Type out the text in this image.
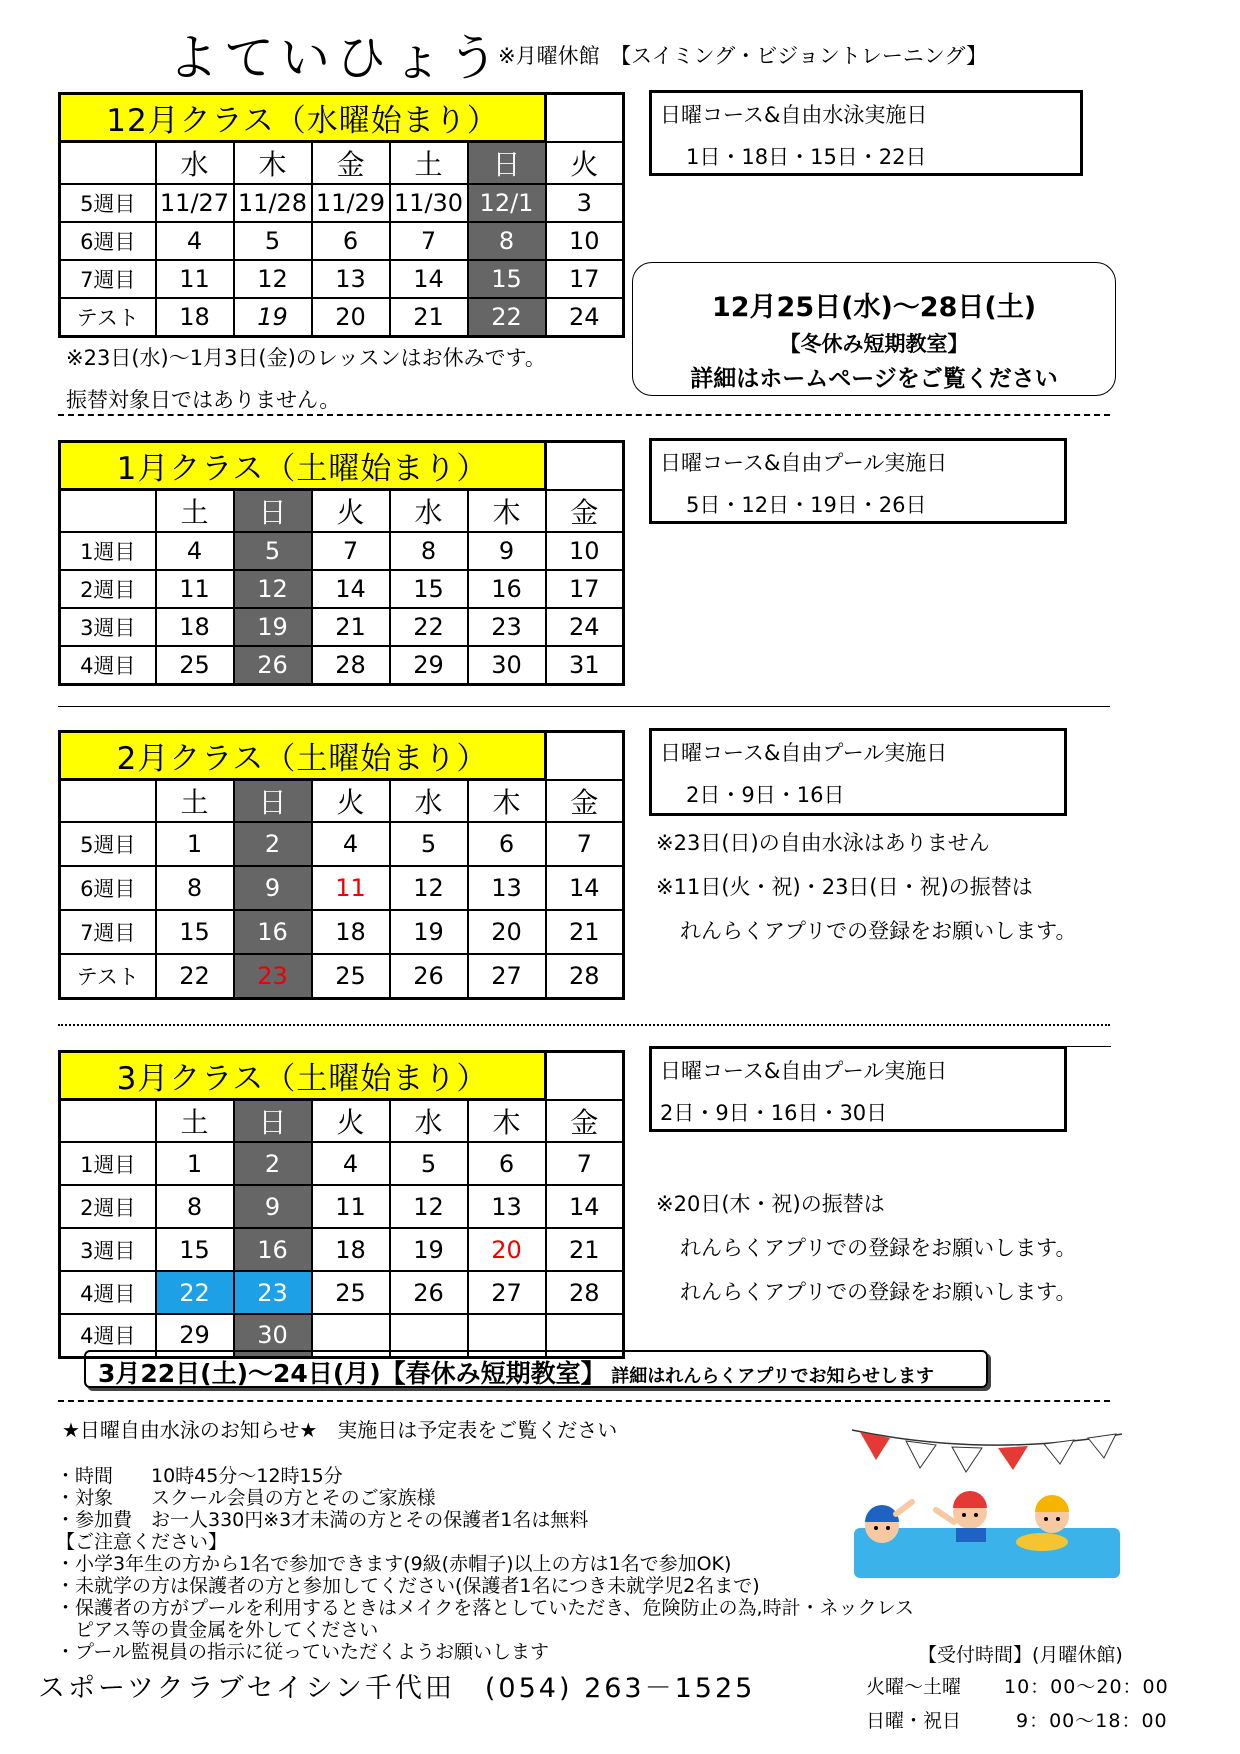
よていひょう
※月曜休館　【スイミング・ビジョントレーニング】
12月クラス（水曜始まり）						
	水	木	金	土	日	火
5週目	11/27	11/28	11/29	11/30	12/1	3
6週目	4	5	6	7	8	10
7週目	11	12	13	14	15	17
テスト	18	19	20	21	22	24
日曜コース&自由水泳実施日
1日・18日・15日・22日
※23日(水)～1月3日(金)のレッスンはお休みです。
振替対象日ではありません。
12月25日(水)～28日(土)
【冬休み短期教室】
詳細はホームページをご覧ください
1月クラス（土曜始まり）						
	土	日	火	水	木	金
1週目	4	5	7	8	9	10
2週目	11	12	14	15	16	17
3週目	18	19	21	22	23	24
4週目	25	26	28	29	30	31
日曜コース&自由プール実施日
5日・12日・19日・26日
2月クラス（土曜始まり）						
	土	日	火	水	木	金
5週目	1	2	4	5	6	7
6週目	8	9	11	12	13	14
7週目	15	16	18	19	20	21
テスト	22	23	25	26	27	28
日曜コース&自由プール実施日
2日・9日・16日
※23日(日)の自由水泳はありません
※11日(火・祝)・23日(日・祝)の振替は
れんらくアプリでの登録をお願いします。
3月クラス（土曜始まり）						
	土	日	火	水	木	金
1週目	1	2	4	5	6	7
2週目	8	9	11	12	13	14
3週目	15	16	18	19	20	21
4週目	22	23	25	26	27	28
4週目	29	30				
日曜コース&自由プール実施日
2日・9日・16日・30日
※20日(木・祝)の振替は
れんらくアプリでの登録をお願いします。
れんらくアプリでの登録をお願いします。
3月22日(土)～24日(月)【春休み短期教室】 詳細はれんらくアプリでお知らせします
★日曜自由水泳のお知らせ★　実施日は予定表をご覧ください
・時間　　10時45分～12時15分
・対象　　スクール会員の方とそのご家族様
・参加費　お一人330円※3才未満の方とその保護者1名は無料
【ご注意ください】
・小学3年生の方から1名で参加できます(9級(赤帽子)以上の方は1名で参加OK)
・未就学の方は保護者の方と参加してください(保護者1名につき未就学児2名まで)
・保護者の方がプールを利用するときはメイクを落としていただき、危険防止の為,時計・ネックレス
　ピアス等の貴金属を外してください
・プール監視員の指示に従っていただくようお願いします
スポーツクラブセイシン千代田　(054) 263－1525
【受付時間】(月曜休館)
火曜～土曜 10：00～20：00
日曜・祝日	9：00～18：00
